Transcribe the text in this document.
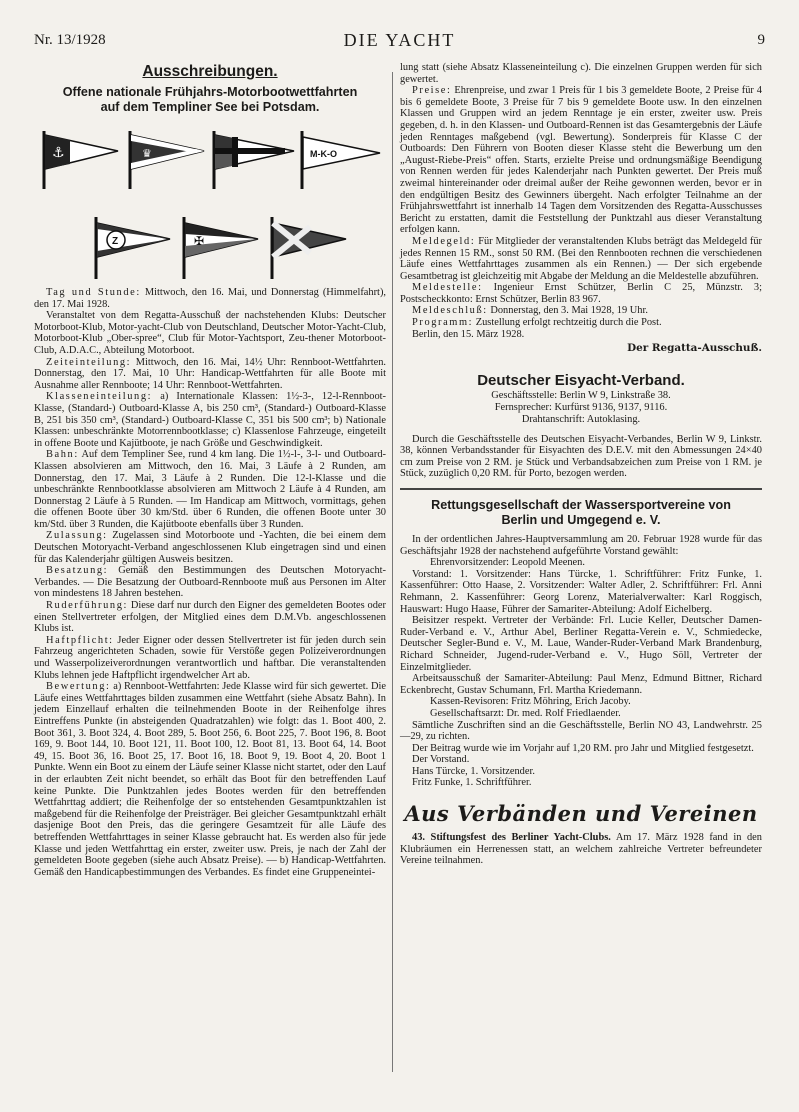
Nr. 13/1928	DIE YACHT	9
Ausschreibungen.
Offene nationale Frühjahrs-Motorbootwettfahrten
auf dem Templiner See bei Potsdam.
⚓	♛	M-K-O
Z	✠

Tag und Stunde: Mittwoch, den 16. Mai, und Donnerstag (Himmelfahrt), den 17. Mai 1928.

Veranstaltet von dem Regatta-Ausschuß der nachstehenden Klubs: Deutscher Motorboot-Klub, Motor-yacht-Club von Deutschland, Deutscher Motor-Yacht-Club, Motorboot-Klub „Ober-spree“, Club für Motor-Yachtsport, Zeu-thener Motorboot-Club, A.D.A.C., Abteilung Motorboot.

Zeiteinteilung: Mittwoch, den 16. Mai, 14½ Uhr: Rennboot-Wettfahrten. Donnerstag, den 17. Mai, 10 Uhr: Handicap-Wettfahrten für alle Boote mit Ausnahme aller Rennboote; 14 Uhr: Rennboot-Wettfahrten.

Klasseneinteilung: a) Internationale Klassen: 1½-3-, 12-l-Rennboot-Klasse, (Standard-) Outboard-Klasse A, bis 250 cm³, (Standard-) Outboard-Klasse B, 251 bis 350 cm³, (Standard-) Outboard-Klasse C, 351 bis 500 cm³; b) Nationale Klassen: unbeschränkte Motorrennbootklasse; c) Klassenlose Fahrzeuge, eingeteilt in offene Boote und Kajütboote, je nach Größe und Geschwindigkeit.

Bahn: Auf dem Templiner See, rund 4 km lang. Die 1½-l-, 3-l- und Outboard-Klassen absolvieren am Mittwoch, den 16. Mai, 3 Läufe à 2 Runden, am Donnerstag, den 17. Mai, 3 Läufe à 2 Runden. Die 12-l-Klasse und die unbeschränkte Rennbootklasse absolvieren am Mittwoch 2 Läufe à 4 Runden, am Donnerstag 2 Läufe à 5 Runden. — Im Handicap am Mittwoch, vormittags, gehen die offenen Boote über 30 km/Std. über 6 Runden, die offenen Boote unter 30 km/Std. über 3 Runden, die Kajütboote ebenfalls über 3 Runden.

Zulassung: Zugelassen sind Motorboote und -Yachten, die bei einem dem Deutschen Motoryacht-Verband angeschlossenen Klub eingetragen sind und einen für das Kalenderjahr gültigen Ausweis besitzen.

Besatzung: Gemäß den Bestimmungen des Deutschen Motoryacht-Verbandes. — Die Besatzung der Outboard-Rennboote muß aus Personen im Alter von mindestens 18 Jahren bestehen.

Ruderführung: Diese darf nur durch den Eigner des gemeldeten Bootes oder einen Stellvertreter erfolgen, der Mitglied eines dem D.M.Vb. angeschlossenen Klubs ist.

Haftpflicht: Jeder Eigner oder dessen Stellvertreter ist für jeden durch sein Fahrzeug angerichteten Schaden, sowie für Verstöße gegen Polizeiverordnungen und Wasserpolizeiverordnungen verantwortlich und haftbar. Die veranstaltenden Klubs lehnen jede Haftpflicht irgendwelcher Art ab.

Bewertung: a) Rennboot-Wettfahrten: Jede Klasse wird für sich gewertet. Die Läufe eines Wettfahrttages bilden zusammen eine Wettfahrt (siehe Absatz Bahn). In jedem Einzellauf erhalten die teilnehmenden Boote in der Reihenfolge ihres Eintreffens Punkte (in absteigenden Quadratzahlen) wie folgt: das 1. Boot 400, 2. Boot 361, 3. Boot 324, 4. Boot 289, 5. Boot 256, 6. Boot 225, 7. Boot 196, 8. Boot 169, 9. Boot 144, 10. Boot 121, 11. Boot 100, 12. Boot 81, 13. Boot 64, 14. Boot 49, 15. Boot 36, 16. Boot 25, 17. Boot 16, 18. Boot 9, 19. Boot 4, 20. Boot 1 Punkte. Wenn ein Boot zu einem der Läufe seiner Klasse nicht startet, oder den Lauf in der erlaubten Zeit nicht beendet, so erhält das Boot für den betreffenden Lauf keine Punkte. Die Punktzahlen jedes Bootes werden für den betreffenden Wettfahrttag addiert; die Reihenfolge der so entstehenden Gesamtpunktzahlen ist maßgebend für die Reihenfolge der Preisträger. Bei gleicher Gesamtpunktzahl erhält dasjenige Boot den Preis, das die geringere Gesamtzeit für alle Läufe des betreffenden Wettfahrttages in seiner Klasse gebraucht hat. Es werden also für jede Klasse und jeden Wettfahrttag ein erster, zweiter usw. Preis, je nach der Zahl der gemeldeten Boote gegeben (siehe auch Absatz Preise). — b) Handicap-Wettfahrten. Gemäß den Handicapbestimmungen des Verbandes. Es findet eine Gruppeneintei-

lung statt (siehe Absatz Klasseneinteilung c). Die einzelnen Gruppen werden für sich gewertet.

Preise: Ehrenpreise, und zwar 1 Preis für 1 bis 3 gemeldete Boote, 2 Preise für 4 bis 6 gemeldete Boote, 3 Preise für 7 bis 9 gemeldete Boote usw. In den einzelnen Klassen und Gruppen wird an jedem Renntage je ein erster, zweiter usw. Preis gegeben, d. h. in den Klassen- und Outboard-Rennen ist das Gesamtergebnis der Läufe jeden Renntages maßgebend (vgl. Bewertung). Sonderpreis für Klasse C der Outboards: Den Führern von Booten dieser Klasse steht die Bewerbung um den „August-Riebe-Preis“ offen. Starts, erzielte Preise und ordnungsmäßige Beendigung von Rennen werden für jedes Kalenderjahr nach Punkten gewertet. Der Preis muß zweimal hintereinander oder dreimal außer der Reihe gewonnen werden, bevor er in den endgültigen Besitz des Gewinners übergeht. Nach erfolgter Teilnahme an der Frühjahrswettfahrt ist innerhalb 14 Tagen dem Vorsitzenden des Regatta-Ausschusses Bericht zu erstatten, damit die Feststellung der Punktzahl aus dieser Veranstaltung erfolgen kann.

Meldegeld: Für Mitglieder der veranstaltenden Klubs beträgt das Meldegeld für jedes Rennen 15 RM., sonst 50 RM. (Bei den Rennbooten rechnen die verschiedenen Läufe eines Wettfahrttages zusammen als ein Rennen.) — Der sich ergebende Gesamtbetrag ist gleichzeitig mit Abgabe der Meldung an die Meldestelle abzuführen.

Meldestelle: Ingenieur Ernst Schützer, Berlin C 25, Münzstr. 3; Postscheckkonto: Ernst Schützer, Berlin 83 967.

Meldeschluß: Donnerstag, den 3. Mai 1928, 19 Uhr.

Programm: Zustellung erfolgt rechtzeitig durch die Post.

Berlin, den 15. März 1928.

Der Regatta-Ausschuß.

Deutscher Eisyacht-Verband.

Geschäftsstelle: Berlin W 9, Linkstraße 38.

Fernsprecher: Kurfürst 9136, 9137, 9116.

Drahtanschrift: Autoklasing.

Durch die Geschäftsstelle des Deutschen Eisyacht-Verbandes, Berlin W 9, Linkstr. 38, können Verbandsstander für Eisyachten des D.E.V. mit den Abmessungen 24×40 cm zum Preise von 2 RM. je Stück und Verbandsabzeichen zum Preise von 1 RM. je Stück, zuzüglich 0,20 RM. für Porto, bezogen werden.

Rettungsgesellschaft der Wassersportvereine von
Berlin und Umgegend e. V.

In der ordentlichen Jahres-Hauptversammlung am 20. Februar 1928 wurde für das Geschäftsjahr 1928 der nachstehend aufgeführte Vorstand gewählt:

Ehrenvorsitzender: Leopold Meenen.

Vorstand: 1. Vorsitzender: Hans Türcke, 1. Schriftführer: Fritz Funke, 1. Kassenführer: Otto Haase, 2. Vorsitzender: Walter Adler, 2. Schriftführer: Frl. Anni Rehmann, 2. Kassenführer: Georg Lorenz, Materialverwalter: Karl Roggisch, Hauswart: Hugo Haase, Führer der Samariter-Abteilung: Adolf Eichelberg.

Beisitzer respekt. Vertreter der Verbände: Frl. Lucie Keller, Deutscher Damen-Ruder-Verband e. V., Arthur Abel, Berliner Regatta-Verein e. V., Schmiedecke, Deutscher Segler-Bund e. V., M. Laue, Wander-Ruder-Verband Mark Brandenburg, Richard Schneider, Jugend-ruder-Verband e. V., Hugo Söll, Vertreter der Einzelmitglieder.

Arbeitsausschuß der Samariter-Abteilung: Paul Menz, Edmund Bittner, Richard Eckenbrecht, Gustav Schumann, Frl. Martha Kriedemann.

Kassen-Revisoren: Fritz Möhring, Erich Jacoby.

Gesellschaftsarzt: Dr. med. Rolf Friedlaender.

Sämtliche Zuschriften sind an die Geschäftsstelle, Berlin NO 43, Landwehrstr. 25—29, zu richten.

Der Beitrag wurde wie im Vorjahr auf 1,20 RM. pro Jahr und Mitglied festgesetzt.

Der Vorstand.

Hans Türcke, 1. Vorsitzender.

Fritz Funke, 1. Schriftführer.

Aus Verbänden und Vereinen

43. Stiftungsfest des Berliner Yacht-Clubs. Am 17. März 1928 fand in den Klubräumen ein Herrenessen statt, an welchem zahlreiche Vertreter befreundeter Vereine teilnahmen.
